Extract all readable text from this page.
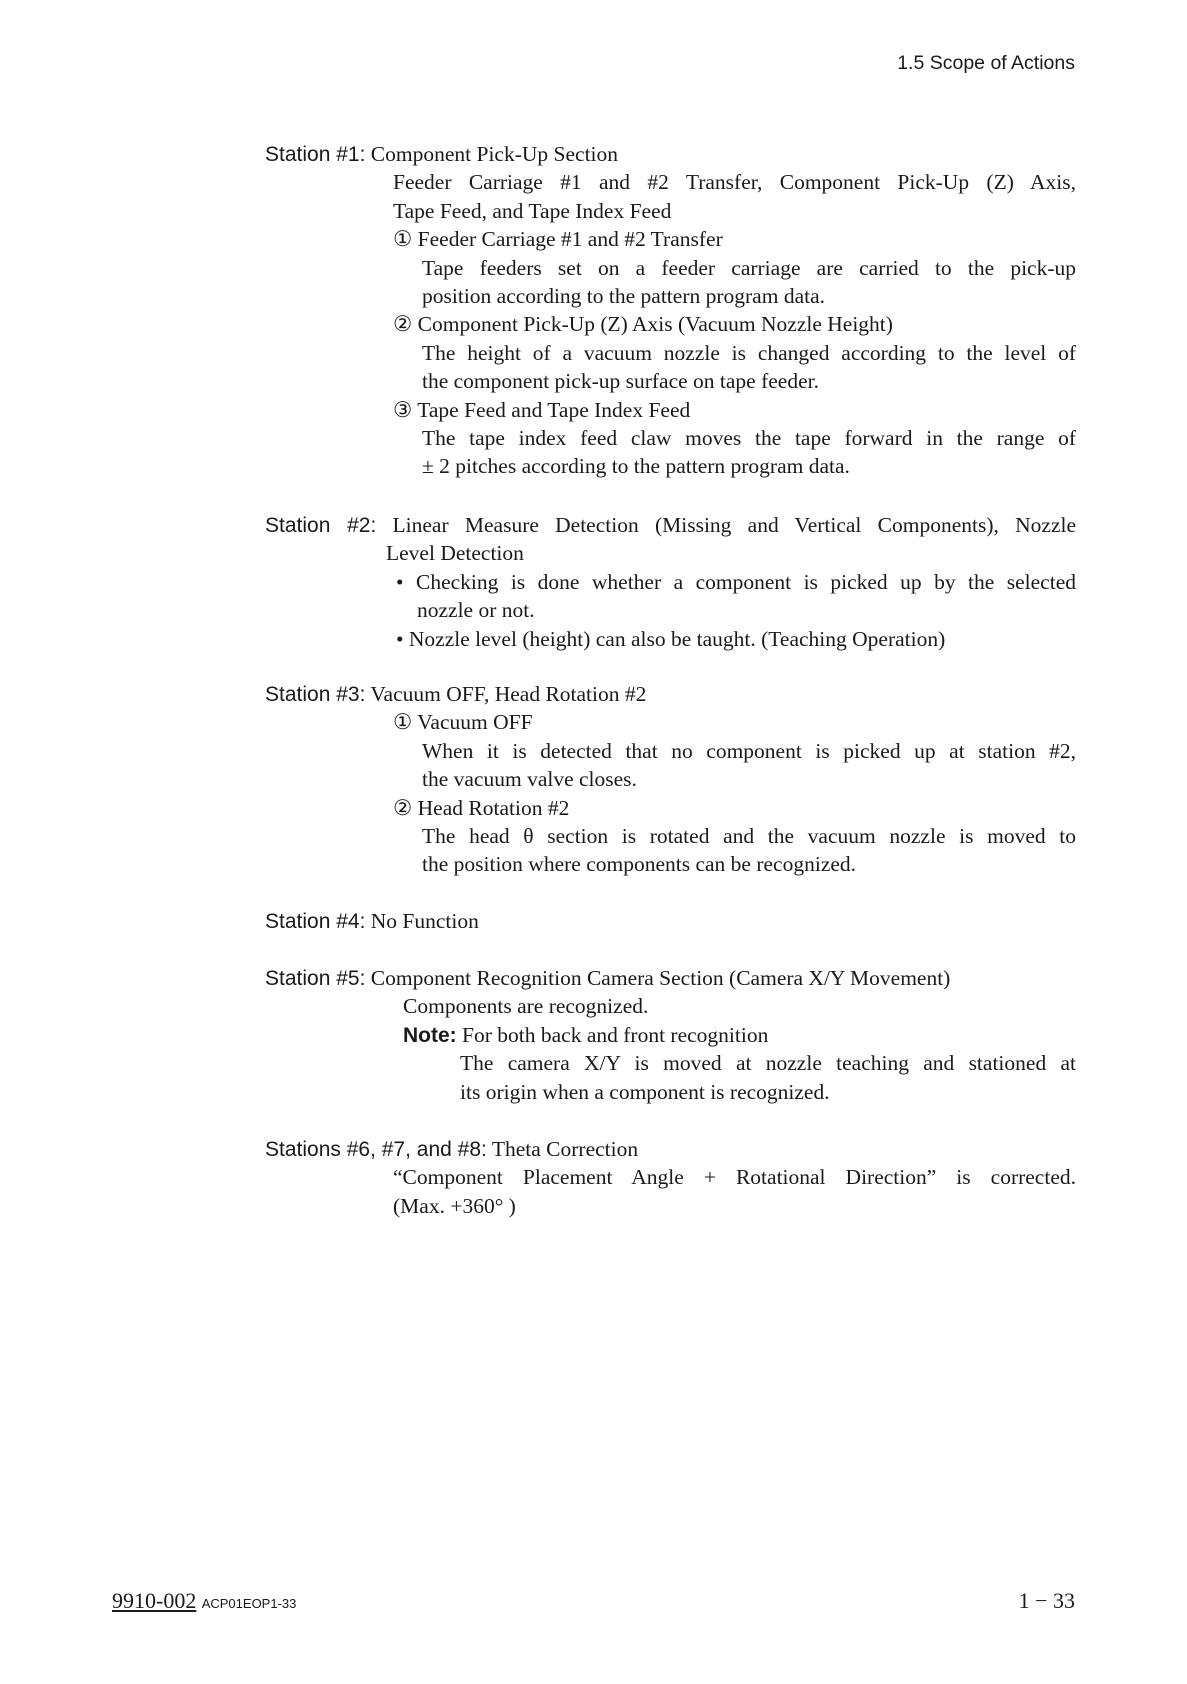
1.5 Scope of Actions
Station #1: Component Pick-Up Section
Feeder Carriage #1 and #2 Transfer, Component Pick-Up (Z) Axis,
Tape Feed, and Tape Index Feed
① Feeder Carriage #1 and #2 Transfer
Tape feeders set on a feeder carriage are carried to the pick-up
position according to the pattern program data.
② Component Pick-Up (Z) Axis (Vacuum Nozzle Height)
The height of a vacuum nozzle is changed according to the level of
the component pick-up surface on tape feeder.
③ Tape Feed and Tape Index Feed
The tape index feed claw moves the tape forward in the range of
± 2 pitches according to the pattern program data.
Station #2: Linear Measure Detection (Missing and Vertical Components), Nozzle
Level Detection
• Checking is done whether a component is picked up by the selected
nozzle or not.
• Nozzle level (height) can also be taught. (Teaching Operation)
Station #3: Vacuum OFF, Head Rotation #2
① Vacuum OFF
When it is detected that no component is picked up at station #2,
the vacuum valve closes.
② Head Rotation #2
The head θ section is rotated and the vacuum nozzle is moved to
the position where components can be recognized.
Station #4: No Function
Station #5: Component Recognition Camera Section (Camera X/Y Movement)
Components are recognized.
Note: For both back and front recognition
The camera X/Y is moved at nozzle teaching and stationed at
its origin when a component is recognized.
Stations #6, #7, and #8: Theta Correction
“Component Placement Angle + Rotational Direction” is corrected.
(Max. +360° )
9910-002 ACP01EOP1-33	1 − 33
